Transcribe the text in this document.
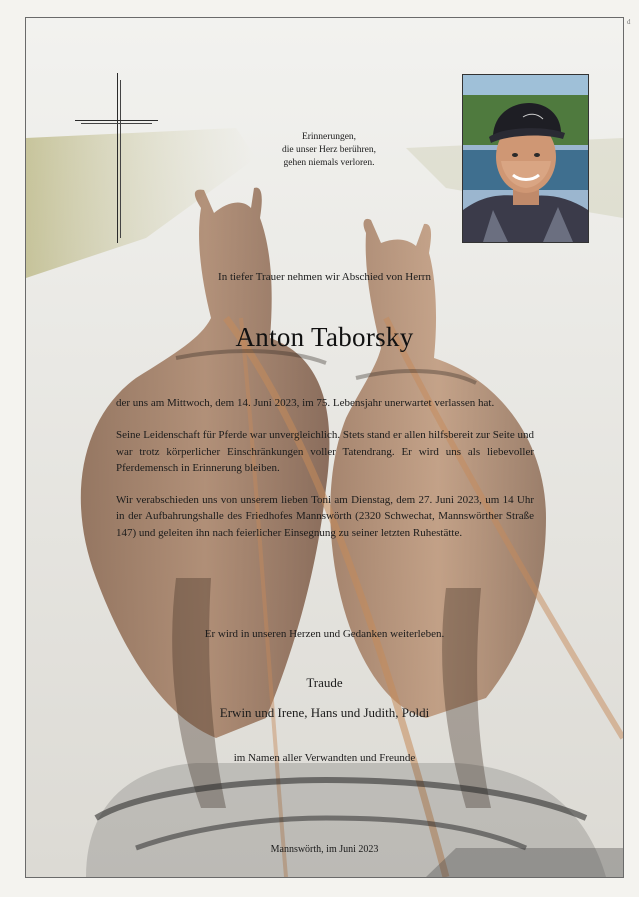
Erinnerungen,
die unser Herz berühren,
gehen niemals verloren.
In tiefer Trauer nehmen wir Abschied von Herrn
Anton Taborsky

der uns am Mittwoch, dem 14. Juni 2023, im 75. Lebensjahr unerwartet verlassen hat.

Seine Leidenschaft für Pferde war unvergleichlich. Stets stand er allen hilfsbereit zur Seite und war trotz körperlicher Einschränkungen voller Tatendrang. Er wird uns als liebevoller Pferdemensch in Erinnerung bleiben.

Wir verabschieden uns von unserem lieben Toni am Dienstag, dem 27. Juni 2023, um 14 Uhr in der Aufbahrungshalle des Friedhofes Mannswörth (2320 Schwechat, Mannswörther Straße 147) und geleiten ihn nach feierlicher Einsegnung zu seiner letzten Ruhestätte.

Er wird in unseren Herzen und Gedanken weiterleben.
Traude
Erwin und Irene, Hans und Judith, Poldi
im Namen aller Verwandten und Freunde
Mannswörth, im Juni 2023
d
